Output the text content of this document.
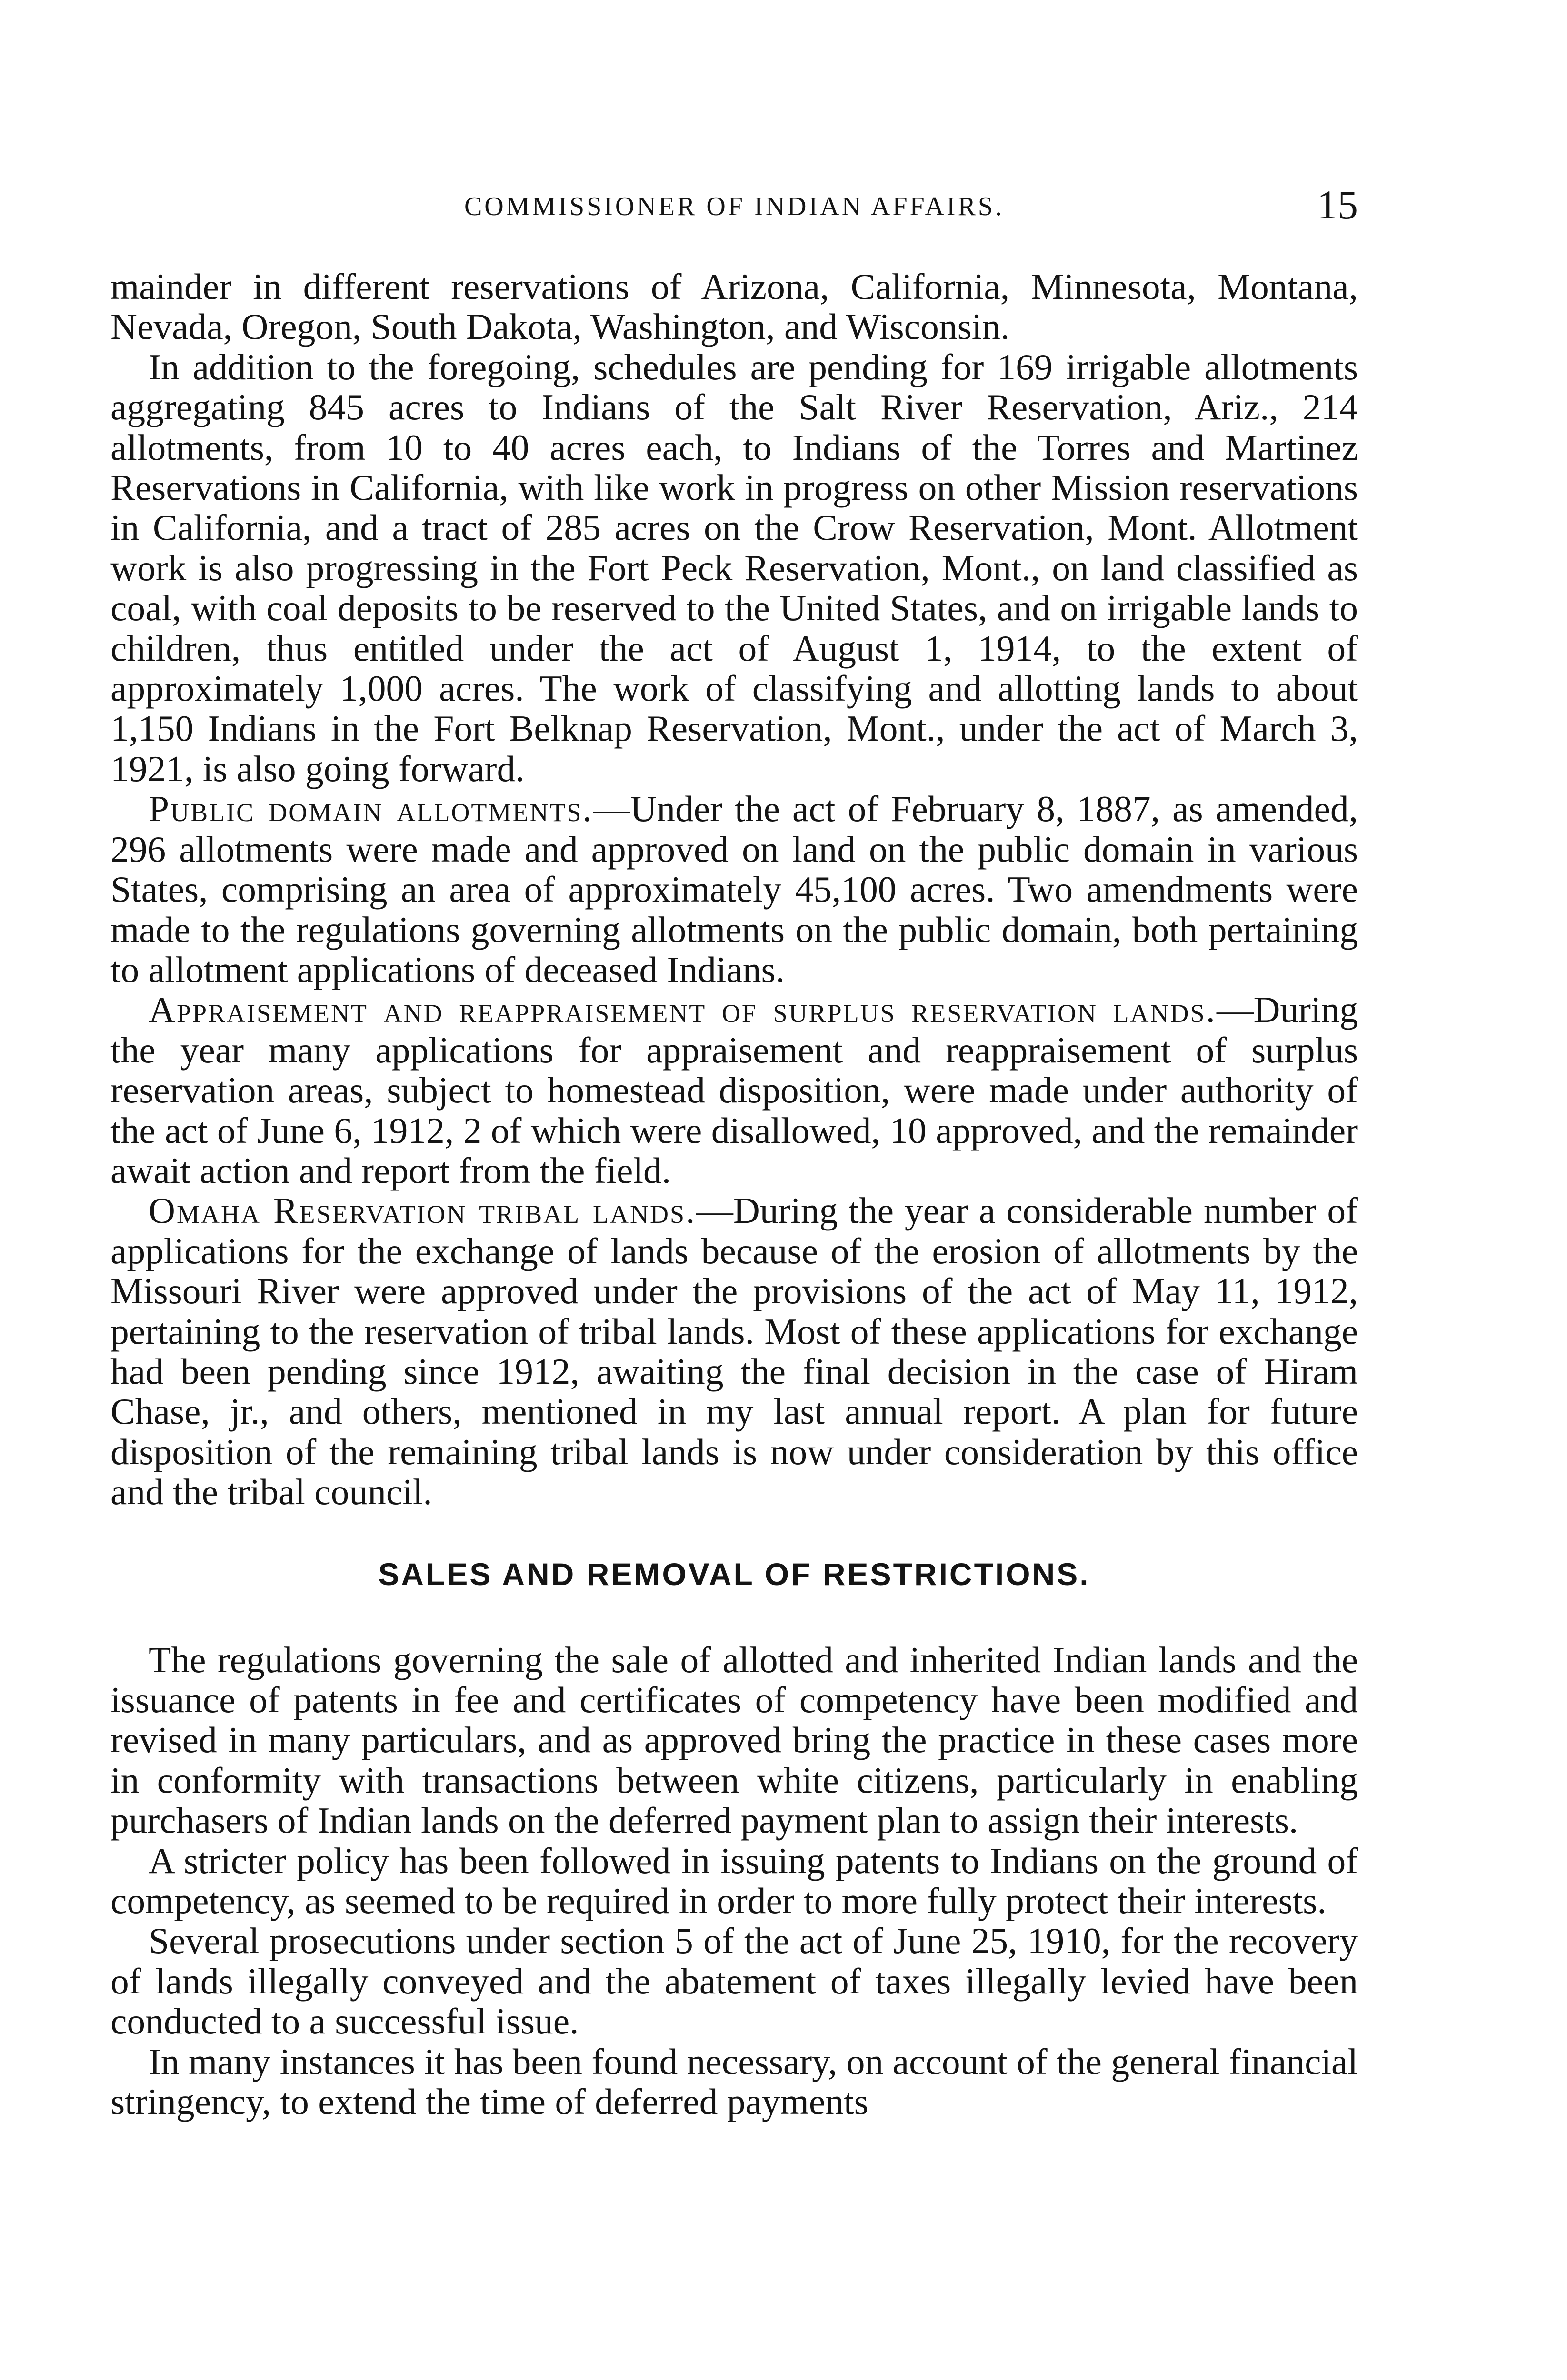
COMMISSIONER OF INDIAN AFFAIRS.	15

mainder in different reservations of Arizona, California, Minnesota, Montana, Nevada, Oregon, South Dakota, Washington, and Wisconsin.

In addition to the foregoing, schedules are pending for 169 irrigable allotments aggregating 845 acres to Indians of the Salt River Reservation, Ariz., 214 allotments, from 10 to 40 acres each, to Indians of the Torres and Martinez Reservations in California, with like work in progress on other Mission reservations in California, and a tract of 285 acres on the Crow Reservation, Mont. Allotment work is also progressing in the Fort Peck Reservation, Mont., on land classified as coal, with coal deposits to be reserved to the United States, and on irrigable lands to children, thus entitled under the act of August 1, 1914, to the extent of approximately 1,000 acres. The work of classifying and allotting lands to about 1,150 Indians in the Fort Belknap Reservation, Mont., under the act of March 3, 1921, is also going forward.

Public domain allotments.—Under the act of February 8, 1887, as amended, 296 allotments were made and approved on land on the public domain in various States, comprising an area of approximately 45,100 acres. Two amendments were made to the regulations governing allotments on the public domain, both pertaining to allotment applications of deceased Indians.

Appraisement and reappraisement of surplus reservation lands.—During the year many applications for appraisement and reappraisement of surplus reservation areas, subject to homestead disposition, were made under authority of the act of June 6, 1912, 2 of which were disallowed, 10 approved, and the remainder await action and report from the field.

Omaha Reservation tribal lands.—During the year a considerable number of applications for the exchange of lands because of the erosion of allotments by the Missouri River were approved under the provisions of the act of May 11, 1912, pertaining to the reservation of tribal lands. Most of these applications for exchange had been pending since 1912, awaiting the final decision in the case of Hiram Chase, jr., and others, mentioned in my last annual report. A plan for future disposition of the remaining tribal lands is now under consideration by this office and the tribal council.

SALES AND REMOVAL OF RESTRICTIONS.

The regulations governing the sale of allotted and inherited Indian lands and the issuance of patents in fee and certificates of competency have been modified and revised in many particulars, and as approved bring the practice in these cases more in conformity with transactions between white citizens, particularly in enabling purchasers of Indian lands on the deferred payment plan to assign their interests.

A stricter policy has been followed in issuing patents to Indians on the ground of competency, as seemed to be required in order to more fully protect their interests.

Several prosecutions under section 5 of the act of June 25, 1910, for the recovery of lands illegally conveyed and the abatement of taxes illegally levied have been conducted to a successful issue.

In many instances it has been found necessary, on account of the general financial stringency, to extend the time of deferred payments
